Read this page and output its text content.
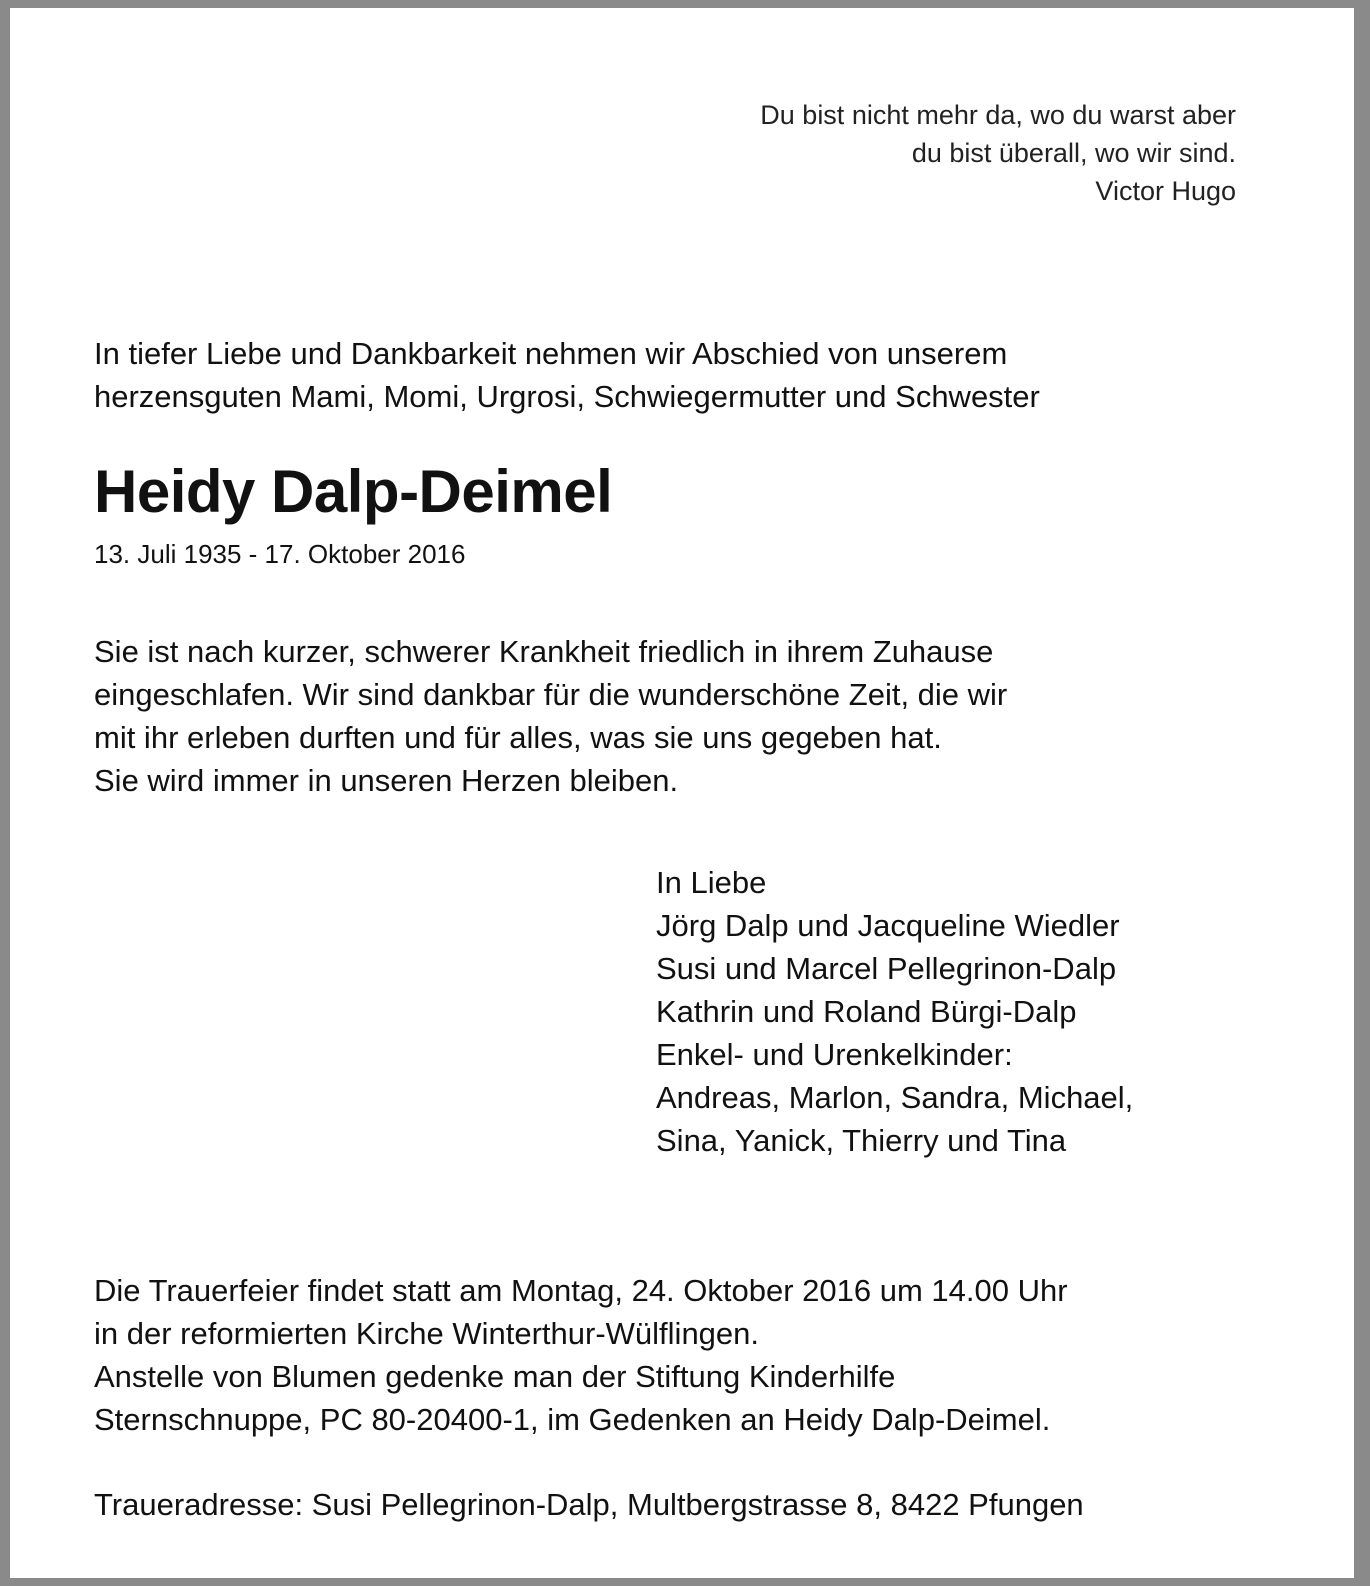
Du bist nicht mehr da, wo du warst aber
du bist überall, wo wir sind.
Victor Hugo
In tiefer Liebe und Dankbarkeit nehmen wir Abschied von unserem
herzensguten Mami, Momi, Urgrosi, Schwiegermutter und Schwester
Heidy Dalp-Deimel
13. Juli 1935 - 17. Oktober 2016
Sie ist nach kurzer, schwerer Krankheit friedlich in ihrem Zuhause
eingeschlafen. Wir sind dankbar für die wunderschöne Zeit, die wir
mit ihr erleben durften und für alles, was sie uns gegeben hat.
Sie wird immer in unseren Herzen bleiben.
In Liebe
Jörg Dalp und Jacqueline Wiedler
Susi und Marcel Pellegrinon-Dalp
Kathrin und Roland Bürgi-Dalp
Enkel- und Urenkelkinder:
Andreas, Marlon, Sandra, Michael,
Sina, Yanick, Thierry und Tina
Die Trauerfeier findet statt am Montag, 24. Oktober 2016 um 14.00 Uhr
in der reformierten Kirche Winterthur-Wülflingen.
Anstelle von Blumen gedenke man der Stiftung Kinderhilfe
Sternschnuppe, PC 80-20400-1, im Gedenken an Heidy Dalp-Deimel.
Traueradresse: Susi Pellegrinon-Dalp, Multbergstrasse 8, 8422 Pfungen
